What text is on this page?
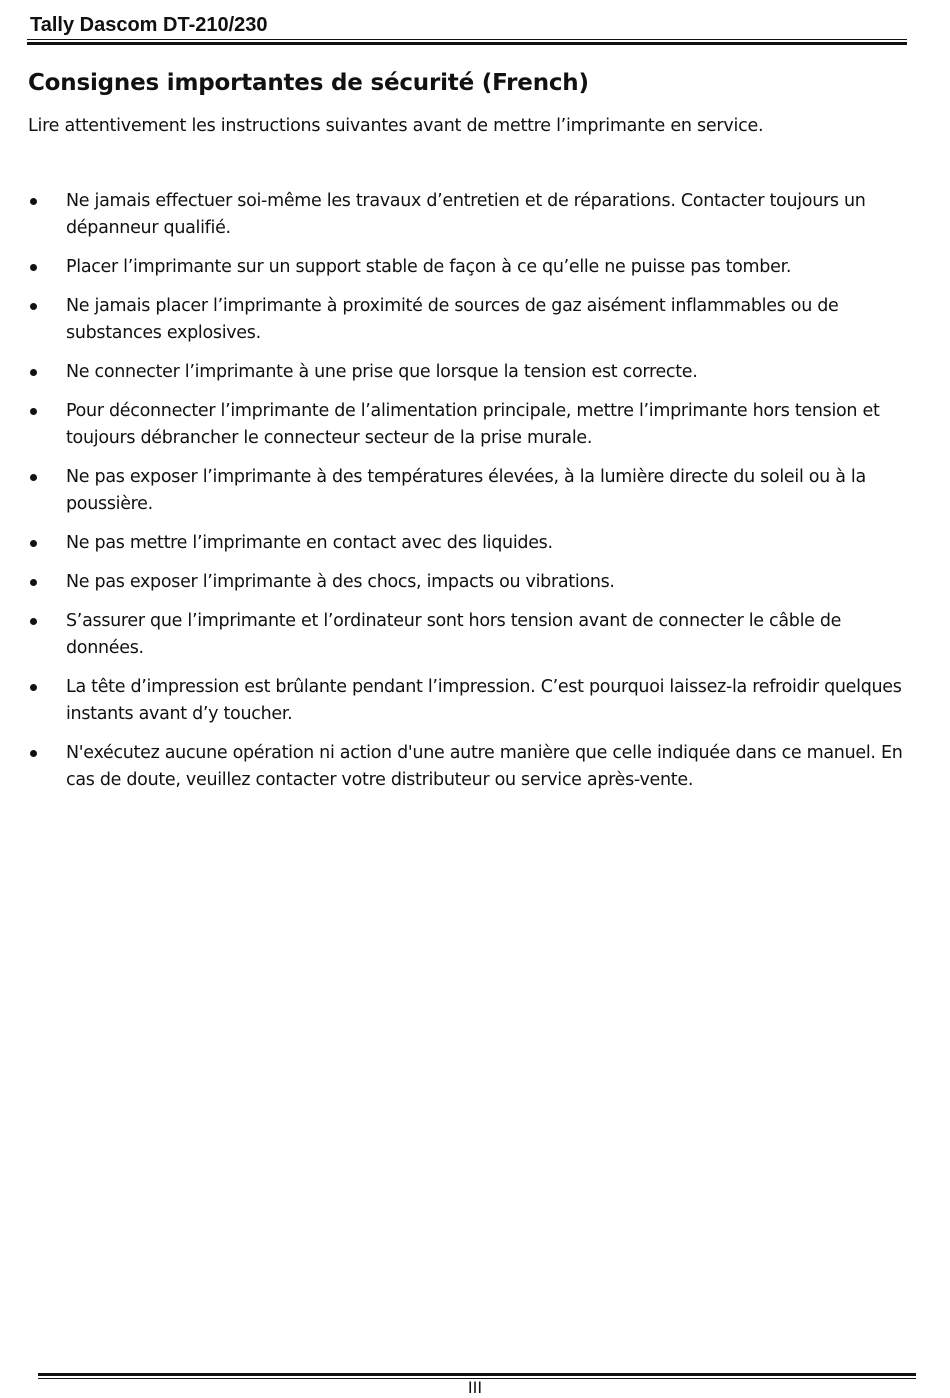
Tally Dascom DT-210/230
Consignes importantes de sécurité (French)

Lire attentivement les instructions suivantes avant de mettre l’imprimante en service.

Ne jamais effectuer soi-même les travaux d’entretien et de réparations. Contacter toujours un dépanneur qualifié.
Placer l’imprimante sur un support stable de façon à ce qu’elle ne puisse pas tomber.
Ne jamais placer l’imprimante à proximité de sources de gaz aisément inflammables ou de substances explosives.
Ne connecter l’imprimante à une prise que lorsque la tension est correcte.
Pour déconnecter l’imprimante de l’alimentation principale, mettre l’imprimante hors tension et toujours débrancher le connecteur secteur de la prise murale.
Ne pas exposer l’imprimante à des températures élevées, à la lumière directe du soleil ou à la poussière.
Ne pas mettre l’imprimante en contact avec des liquides.
Ne pas exposer l’imprimante à des chocs, impacts ou vibrations.
S’assurer que l’imprimante et l’ordinateur sont hors tension avant de connecter le câble de données.
La tête d’impression est brûlante pendant l’impression. C’est pourquoi laissez-la refroidir quelques instants avant d’y toucher.
N'exécutez aucune opération ni action d'une autre manière que celle indiquée dans ce manuel. En cas de doute, veuillez contacter votre distributeur ou service après-vente.
III
